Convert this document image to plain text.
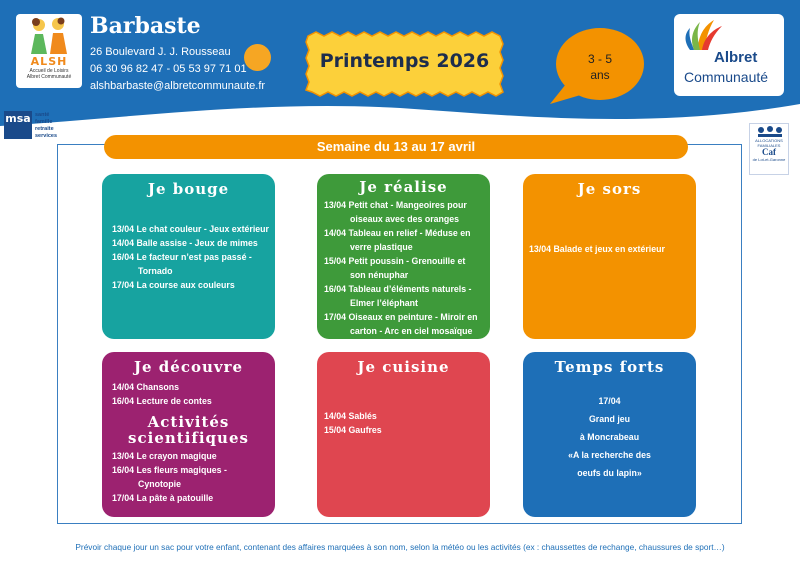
ALSH
Accueil de Loisirs
Albret Communauté
Barbaste
26 Boulevard J. J. Rousseau
06 30 96 82 47 - 05 53 97 71 01
alshbarbaste@albretcommunaute.fr
Printemps 2026	3 - 5
ans
Albret
Communauté
msa santé
famille
retraite
services
ALLOCATIONS FAMILIALES
Caf
de Lot-et-Garonne
Semaine du 13 au 17 avril
Je bouge
13/04 Le chat couleur - Jeux extérieur
14/04 Balle assise - Jeux de mimes
16/04 Le facteur n’est pas passé -
Tornado
17/04 La course aux couleurs
Je réalise
13/04 Petit chat - Mangeoires pour
oiseaux avec des oranges
14/04 Tableau en relief - Méduse en
verre plastique
15/04 Petit poussin - Grenouille et
son nénuphar
16/04 Tableau d’éléments naturels -
Elmer l’éléphant
17/04 Oiseaux en peinture - Miroir en
carton - Arc en ciel mosaïque
Je sors
13/04 Balade et jeux en extérieur
Je découvre
14/04 Chansons
16/04 Lecture de contes
Activités
scientifiques
13/04 Le crayon magique
16/04 Les fleurs magiques -
Cynotopie
17/04 La pâte à patouille
Je cuisine
14/04 Sablés
15/04 Gaufres
Temps forts
17/04
Grand jeu
à Moncrabeau
«A la recherche des
oeufs du lapin»
Prévoir chaque jour un sac pour votre enfant, contenant des affaires marquées à son nom, selon la météo ou les activités (ex : chaussettes de rechange, chaussures de sport…)
